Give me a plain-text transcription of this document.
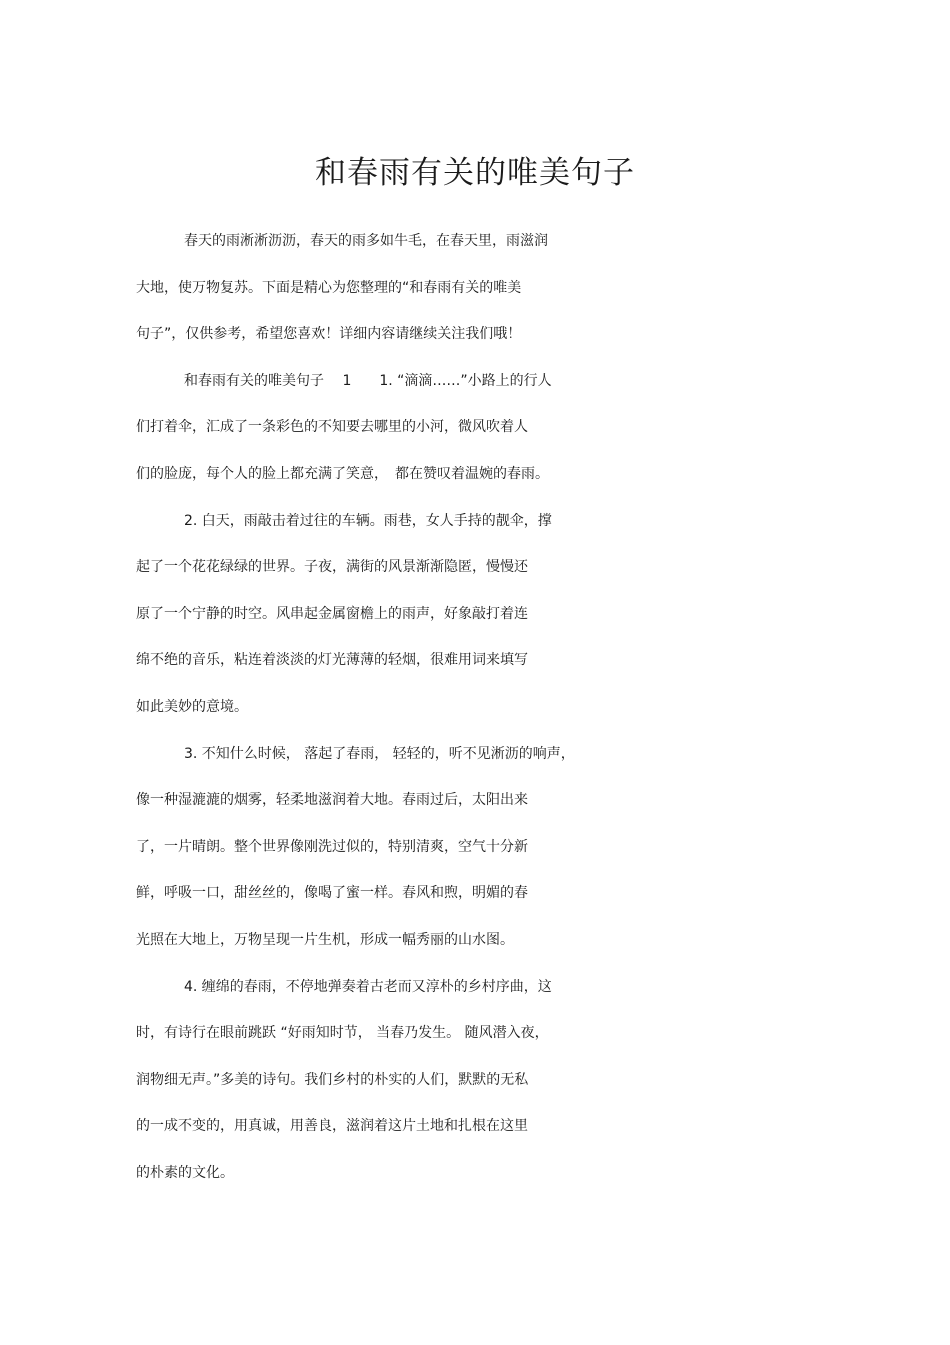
和春雨有关的唯美句子
春天的雨淅淅沥沥，春天的雨多如牛毛，在春天里，雨滋润
大地，使万物复苏。下面是精心为您整理的“和春雨有关的唯美
句子”，仅供参考，希望您喜欢！详细内容请继续关注我们哦！
和春雨有关的唯美句子　 1　　1. “滴滴……”小路上的行人
们打着伞，汇成了一条彩色的不知要去哪里的小河，微风吹着人
们的脸庞，每个人的脸上都充满了笑意，　都在赞叹着温婉的春雨。
2. 白天，雨敲击着过往的车辆。雨巷，女人手持的靓伞，撑
起了一个花花绿绿的世界。子夜，满街的风景渐渐隐匿，慢慢还
原了一个宁静的时空。风串起金属窗檐上的雨声，好象敲打着连
绵不绝的音乐，粘连着淡淡的灯光薄薄的轻烟，很难用词来填写
如此美妙的意境。
3. 不知什么时候， 落起了春雨， 轻轻的，听不见淅沥的响声，
像一种湿漉漉的烟雾，轻柔地滋润着大地。春雨过后，太阳出来
了，一片晴朗。整个世界像刚洗过似的，特别清爽，空气十分新
鲜，呼吸一口，甜丝丝的，像喝了蜜一样。春风和煦，明媚的春
光照在大地上，万物呈现一片生机，形成一幅秀丽的山水图。
4. 缠绵的春雨，不停地弹奏着古老而又淳朴的乡村序曲，这
时，有诗行在眼前跳跃 “好雨知时节， 当春乃发生。 随风潜入夜，
润物细无声。”多美的诗句。我们乡村的朴实的人们，默默的无私
的一成不变的，用真诚，用善良，滋润着这片土地和扎根在这里
的朴素的文化。
